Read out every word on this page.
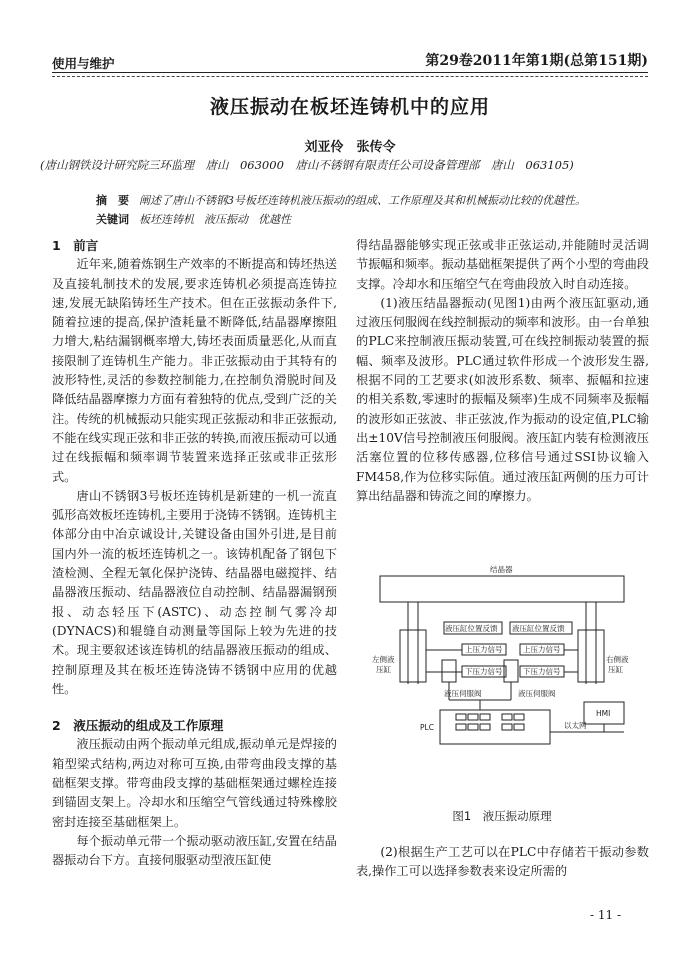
使用与维护	第29卷2011年第1期(总第151期)
液压振动在板坯连铸机中的应用
刘亚伶　张传令
(唐山钢铁设计研究院三环监理　唐山　063000　唐山不锈钢有限责任公司设备管理部　唐山　063105)
摘　要 阐述了唐山不锈钢3号板坯连铸机液压振动的组成、工作原理及其和机械振动比较的优越性。
关键词 板坯连铸机 液压振动 优越性
1　前言

近年来,随着炼钢生产效率的不断提高和铸坯热送及直接轧制技术的发展,要求连铸机必须提高连铸拉速,发展无缺陷铸坯生产技术。但在正弦振动条件下,随着拉速的提高,保护渣耗量不断降低,结晶器摩擦阻力增大,粘结漏钢概率增大,铸坯表面质量恶化,从而直接限制了连铸机生产能力。非正弦振动由于其特有的波形特性,灵活的参数控制能力,在控制负滑脱时间及降低结晶器摩擦力方面有着独特的优点,受到广泛的关注。传统的机械振动只能实现正弦振动和非正弦振动,不能在线实现正弦和非正弦的转换,而液压振动可以通过在线振幅和频率调节装置来选择正弦或非正弦形式。

唐山不锈钢3号板坯连铸机是新建的一机一流直弧形高效板坯连铸机,主要用于浇铸不锈钢。连铸机主体部分由中冶京诚设计,关键设备由国外引进,是目前国内外一流的板坯连铸机之一。该铸机配备了钢包下渣检测、全程无氧化保护浇铸、结晶器电磁搅拌、结晶器液压振动、结晶器液位自动控制、结晶器漏钢预报、动态轻压下(ASTC)、动态控制气雾冷却(DYNACS)和辊缝自动测量等国际上较为先进的技术。现主要叙述该连铸机的结晶器液压振动的组成、控制原理及其在板坯连铸浇铸不锈钢中应用的优越性。

2　液压振动的组成及工作原理

液压振动由两个振动单元组成,振动单元是焊接的箱型梁式结构,两边对称可互换,由带弯曲段支撑的基础框架支撑。带弯曲段支撑的基础框架通过螺栓连接到锚固支架上。冷却水和压缩空气管线通过特殊橡胶密封连接至基础框架上。

每个振动单元带一个振动驱动液压缸,安置在结晶器振动台下方。直接伺服驱动型液压缸使

得结晶器能够实现正弦或非正弦运动,并能随时灵活调节振幅和频率。振动基础框架提供了两个小型的弯曲段支撑。冷却水和压缩空气在弯曲段放入时自动连接。

(1)液压结晶器振动(见图1)由两个液压缸驱动,通过液压伺服阀在线控制振动的频率和波形。由一台单独的PLC来控制液压振动装置,可在线控制振动装置的振幅、频率及波形。PLC通过软件形成一个波形发生器,根据不同的工艺要求(如波形系数、频率、振幅和拉速的相关系数,零速时的振幅及频率)生成不同频率及振幅的波形如正弦波、非正弦波,作为振动的设定值,PLC输出±10V信号控制液压伺服阀。液压缸内装有检测液压活塞位置的位移传感器,位移信号通过SSI协议输入FM458,作为位移实际值。通过液压缸两侧的压力可计算出结晶器和铸流之间的摩擦力。

结晶器
液压缸位置反馈 液压缸位置反馈
上压力信号
下压力信号
上压力信号
下压力信号
左侧液
压缸
右侧液
压缸
液压伺服阀	液压伺服阀
PLC
HMI
以太网
图1　液压振动原理

(2)根据生产工艺可以在PLC中存储若干振动参数表,操作工可以选择参数表来设定所需的

- 11 -
